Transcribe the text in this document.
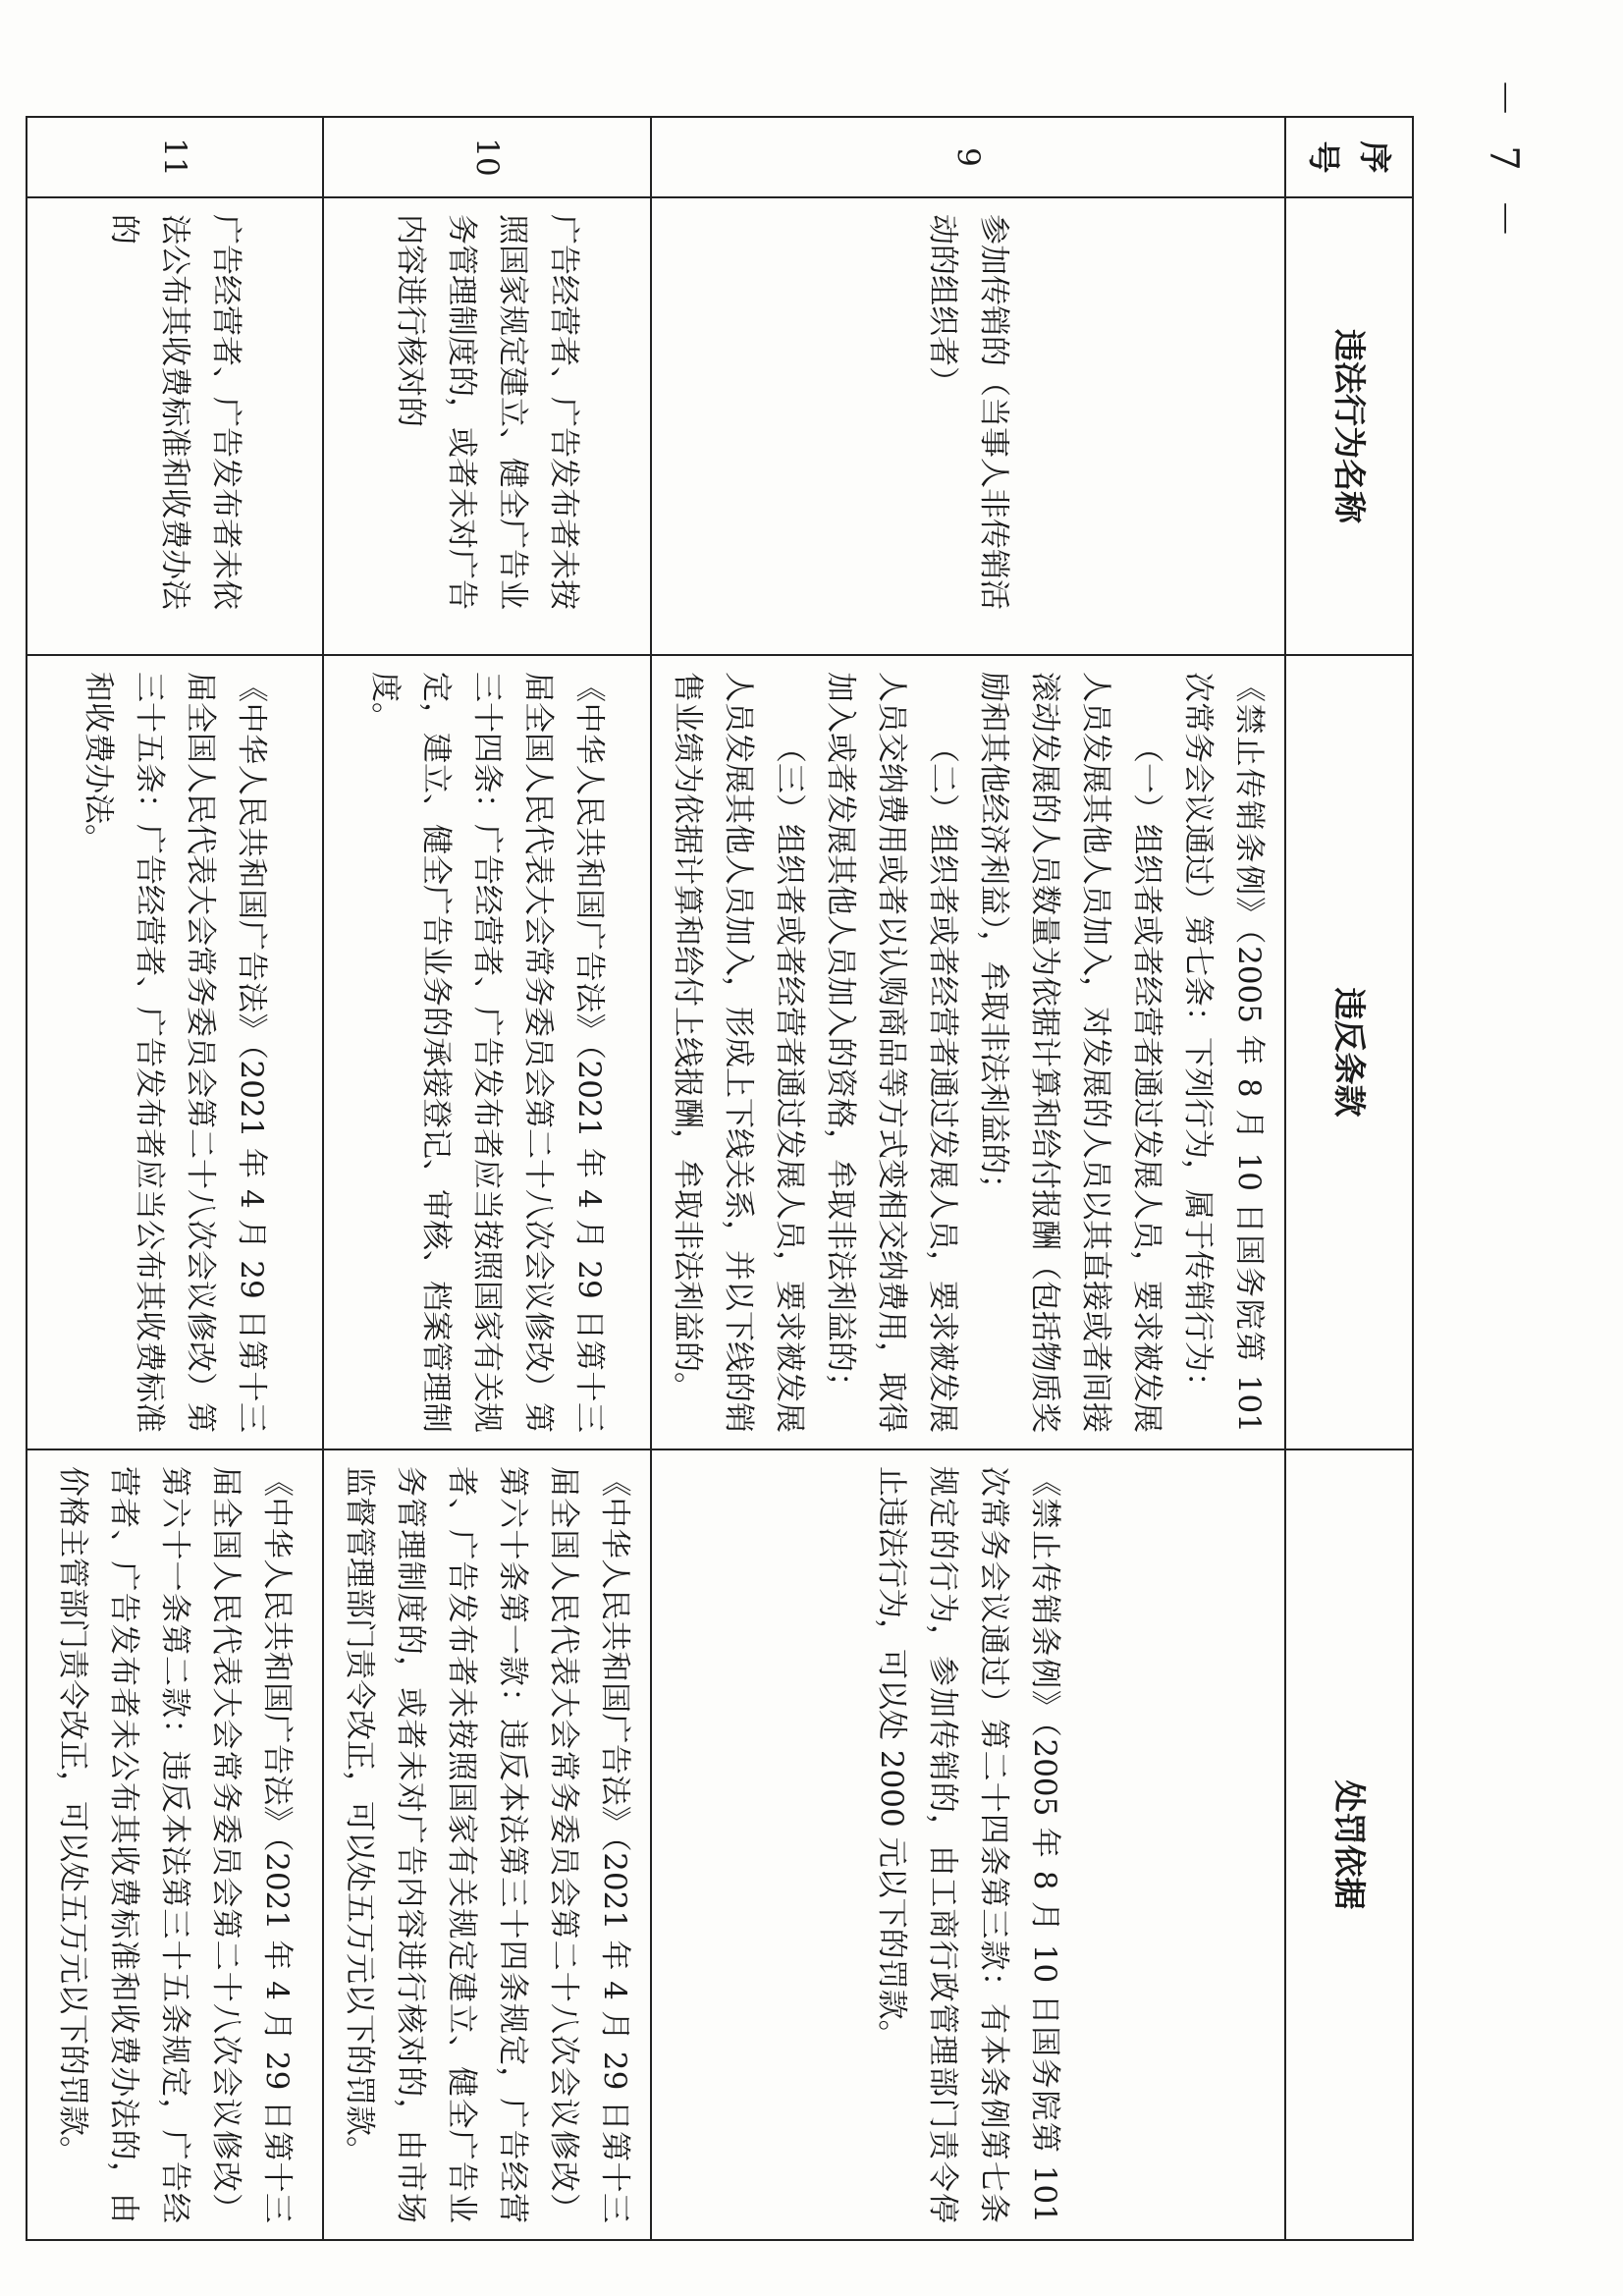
－ 7 －
序号	违法行为名称	违反条款	处罚依据
9	参加传销的（当事人非传销活动的组织者）	《禁止传销条例》（2005 年 8 月 10 日国务院第 101 次常务会议通过）第七条：下列行为，属于传销行为：
（一）组织者或者经营者通过发展人员，要求被发展人员发展其他人员加入，对发展的人员以其直接或者间接滚动发展的人员数量为依据计算和给付报酬（包括物质奖励和其他经济利益），牟取非法利益的；
（二）组织者或者经营者通过发展人员，要求被发展人员交纳费用或者以认购商品等方式变相交纳费用，取得加入或者发展其他人员加入的资格，牟取非法利益的；
（三）组织者或者经营者通过发展人员，要求被发展人员发展其他人员加入，形成上下线关系，并以下线的销售业绩为依据计算和给付上线报酬，牟取非法利益的。	《禁止传销条例》（2005 年 8 月 10 日国务院第 101 次常务会议通过）第二十四条第三款：有本条例第七条规定的行为，参加传销的，由工商行政管理部门责令停止违法行为，可以处 2000 元以下的罚款。

10	广告经营者、广告发布者未按照国家规定建立、健全广告业务管理制度的，或者未对广告内容进行核对的	《中华人民共和国广告法》（2021 年 4 月 29 日第十三届全国人民代表大会常务委员会第二十八次会议修改）第三十四条：广告经营者、广告发布者应当按照国家有关规定，建立、健全广告业务的承接登记、审核、档案管理制度。	《中华人民共和国广告法》（2021 年 4 月 29 日第十三届全国人民代表大会常务委员会第二十八次会议修改）第六十条第一款：违反本法第三十四条规定，广告经营者、广告发布者未按照国家有关规定建立、健全广告业务管理制度的，或者未对广告内容进行核对的，由市场监督管理部门责令改正，可以处五万元以下的罚款。

11	广告经营者、广告发布者未依法公布其收费标准和收费办法的	《中华人民共和国广告法》（2021 年 4 月 29 日第十三届全国人民代表大会常务委员会第二十八次会议修改）第三十五条：广告经营者、广告发布者应当公布其收费标准和收费办法。	《中华人民共和国广告法》（2021 年 4 月 29 日第十三届全国人民代表大会常务委员会第二十八次会议修改）第六十一条第二款：违反本法第三十五条规定，广告经营者、广告发布者未公布其收费标准和收费办法的，由价格主管部门责令改正，可以处五万元以下的罚款。
